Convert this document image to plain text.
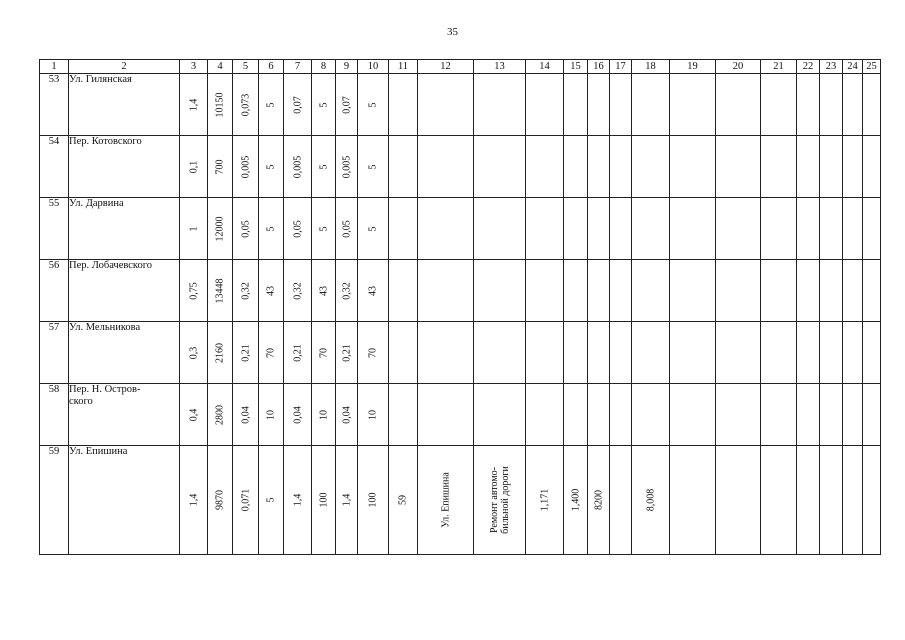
35
1	2	3	4	5	6	7	8	9	10	11	12	13	14	15	16	17	18	19	20	21	22	23	24	25
53	Ул. Гилянская	1,4	10150	0,073	5	0,07	5	0,07	5															

54	Пер. Котовского	0,1	700	0,005	5	0,005	5	0,005	5															

55	Ул. Дарвина	1	12000	0,05	5	0,05	5	0,05	5															

56	Пер. Лобачевского	0,75	13448	0,32	43	0,32	43	0,32	43															

57	Ул. Мельникова	0,3	2160	0,21	70	0,21	70	0,21	70															

58	Пер. Н. Остров-ского	0,4	2800	0,04	10	0,04	10	0,04	10															

59	Ул. Епишина	1,4	9870	0,071	5	1,4	100	1,4	100	59	Ул. Епишина	Ремонт автомо-бильной дороги	1,171	1,400	8200		8,008							
